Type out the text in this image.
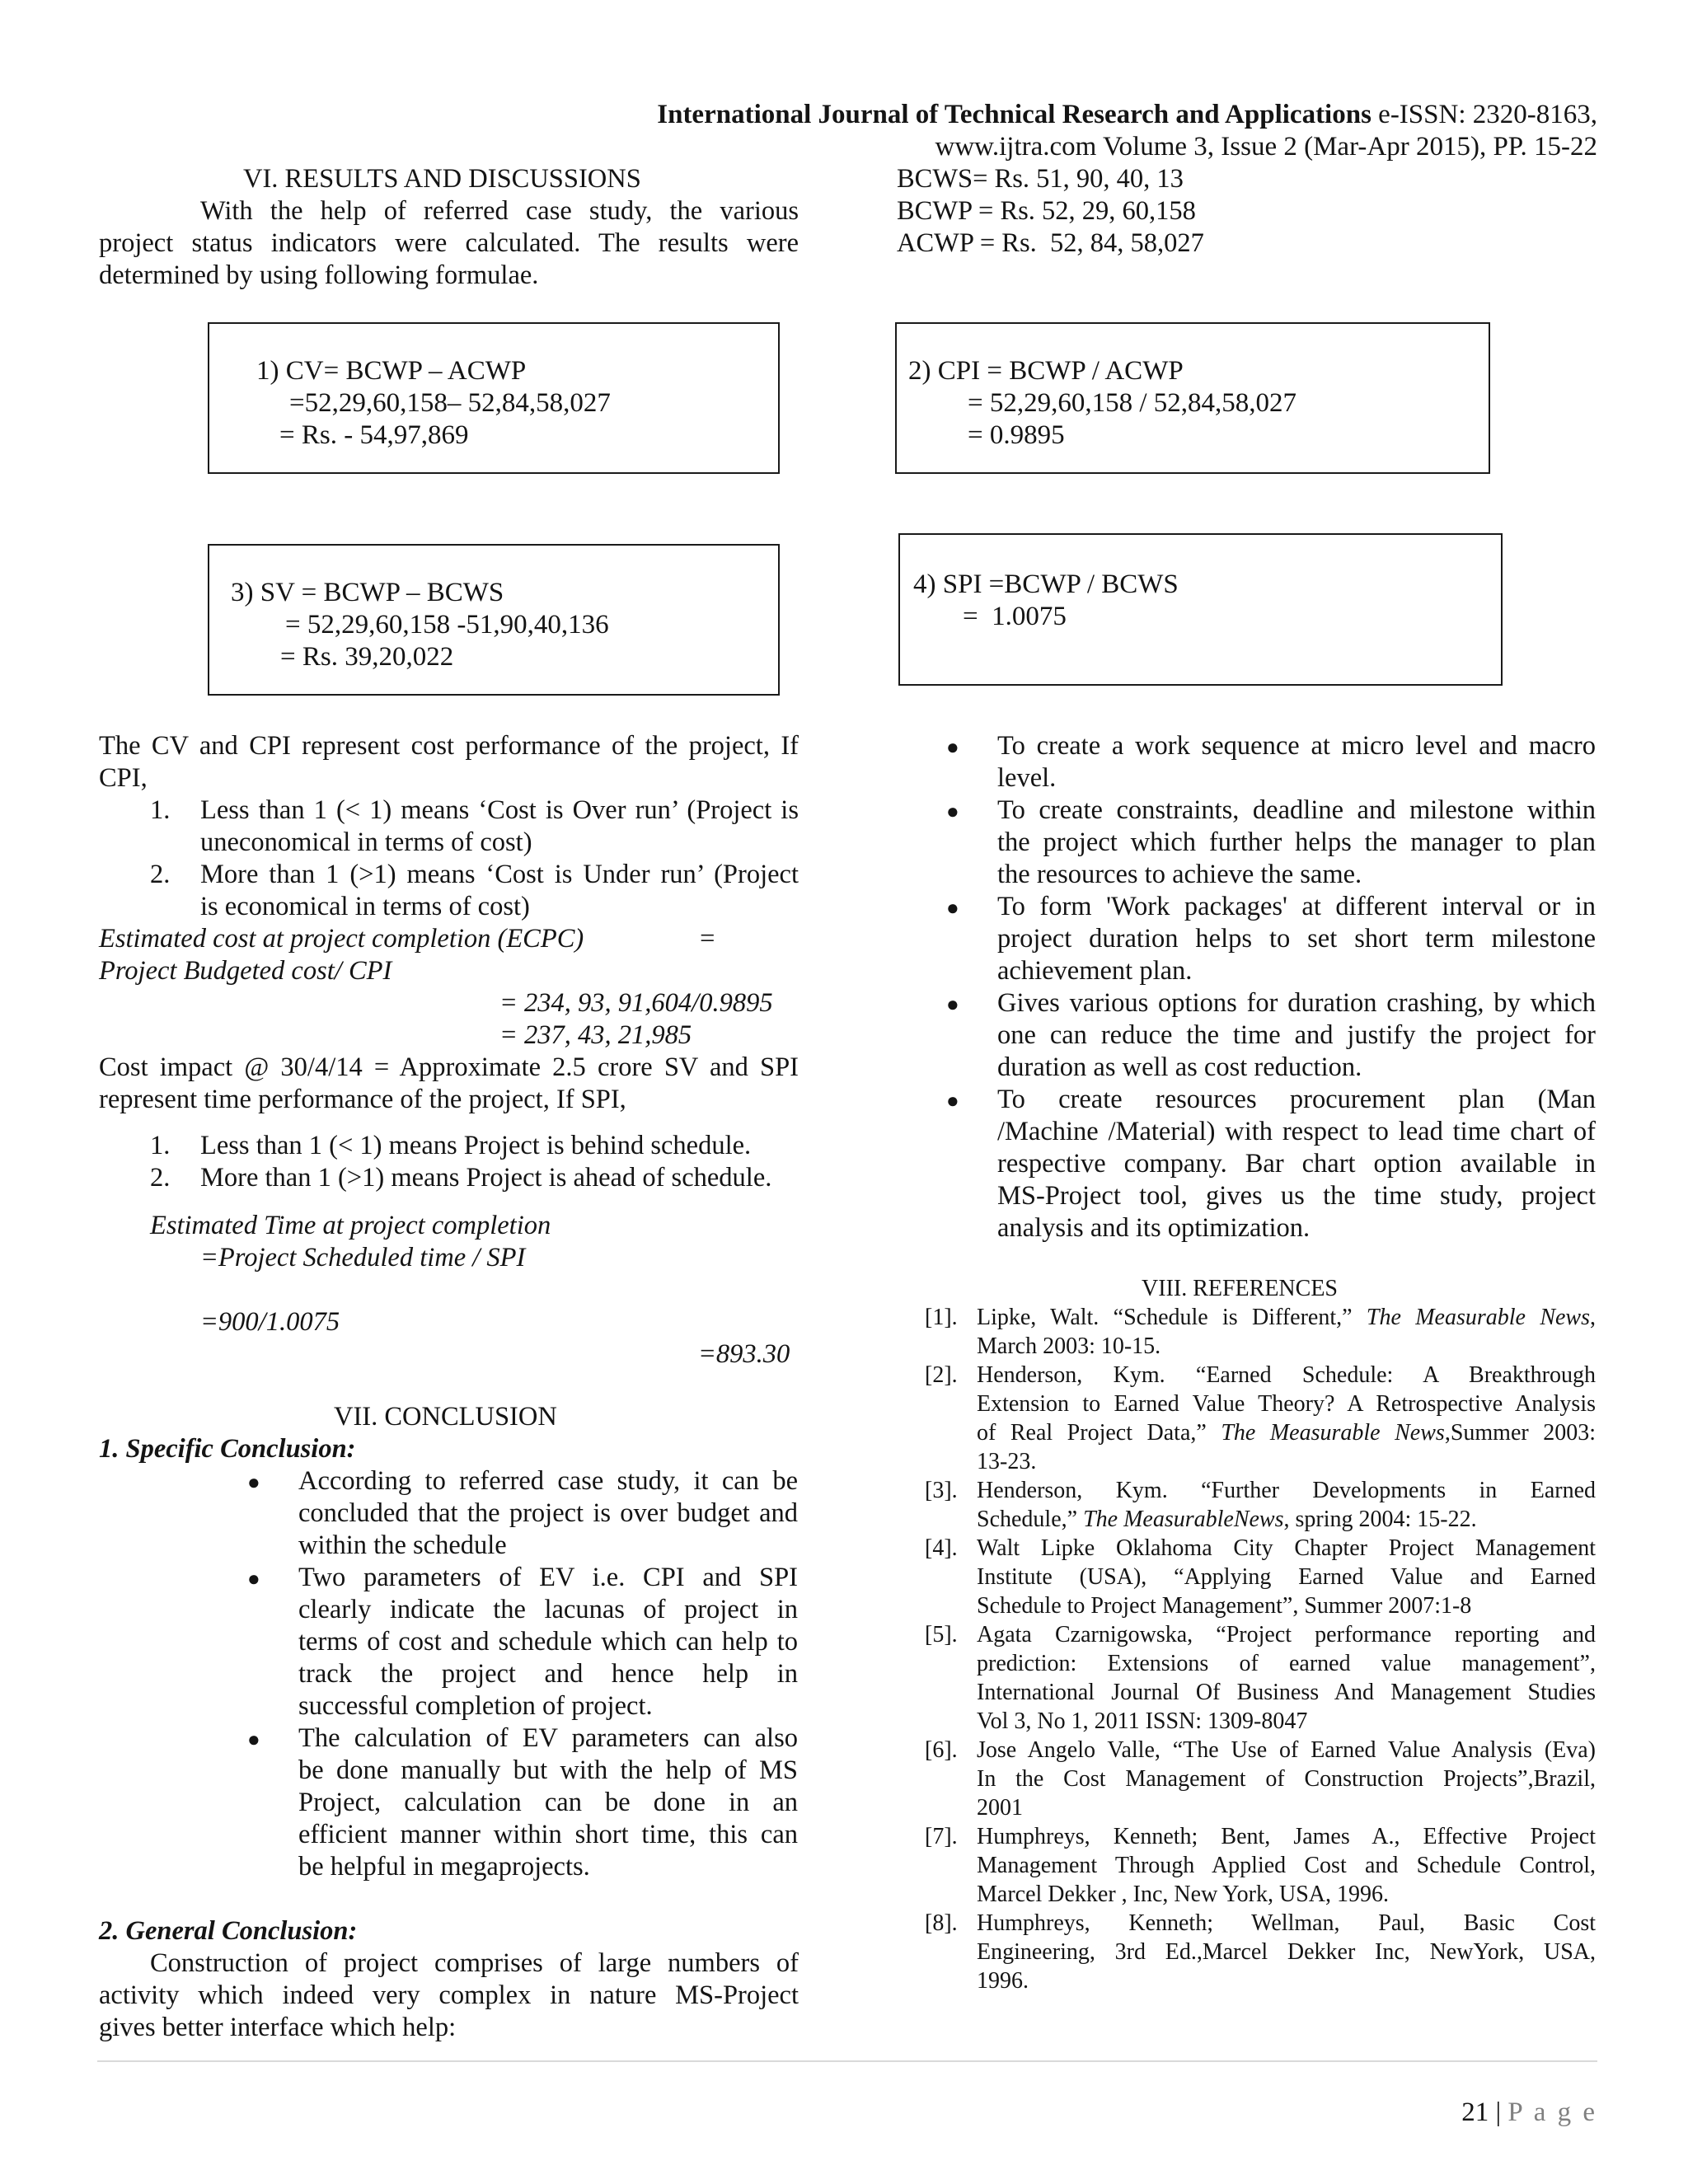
International Journal of Technical Research and Applications e-ISSN: 2320-8163,
www.ijtra.com Volume 3, Issue 2 (Mar-Apr 2015), PP. 15-22
VI. RESULTS AND DISCUSSIONS
With the help of referred case study, the various
project status indicators were calculated. The results were
determined by using following formulae.
BCWS= Rs. 51, 90, 40, 13
BCWP = Rs. 52, 29, 60,158
ACWP = Rs.  52, 84, 58,027
1) CV= BCWP – ACWP
=52,29,60,158– 52,84,58,027
= Rs. - 54,97,869
2) CPI = BCWP / ACWP
= 52,29,60,158 / 52,84,58,027
= 0.9895
3) SV = BCWP – BCWS
= 52,29,60,158 -51,90,40,136
= Rs. 39,20,022
4) SPI =BCWP / BCWS
=  1.0075
The CV and CPI represent cost performance of the project, If
CPI,
1. Less than 1 (< 1) means ‘Cost is Over run’ (Project is
uneconomical in terms of cost)
2. More than 1 (>1) means ‘Cost is Under run’ (Project
is economical in terms of cost)
Estimated cost at project completion (ECPC)	=
Project Budgeted cost/ CPI
= 234, 93, 91,604/0.9895
= 237, 43, 21,985
Cost impact @ 30/4/14 = Approximate 2.5 crore SV and SPI
represent time performance of the project, If SPI,
1. Less than 1 (< 1) means Project is behind schedule.
2. More than 1 (>1) means Project is ahead of schedule.
Estimated Time at project completion
=Project Scheduled time / SPI
=900/1.0075
=893.30
VII. CONCLUSION
1. Specific Conclusion:
● According to referred case study, it can be
concluded that the project is over budget and
within the schedule
● Two parameters of EV i.e. CPI and SPI
clearly indicate the lacunas of project in
terms of cost and schedule which can help to
track the project and hence help in
successful completion of project.
● The calculation of EV parameters can also
be done manually but with the help of MS
Project, calculation can be done in an
efficient manner within short time, this can
be helpful in megaprojects.
2. General Conclusion:
Construction of project comprises of large numbers of
activity which indeed very complex in nature MS-Project
gives better interface which help:
● To create a work sequence at micro level and macro
level.
● To create constraints, deadline and milestone within
the project which further helps the manager to plan
the resources to achieve the same.
● To form 'Work packages' at different interval or in
project duration helps to set short term milestone
achievement plan.
● Gives various options for duration crashing, by which
one can reduce the time and justify the project for
duration as well as cost reduction.
● To create resources procurement plan (Man
/Machine /Material) with respect to lead time chart of
respective company. Bar chart option available in
MS-Project tool, gives us the time study, project
analysis and its optimization.
VIII. REFERENCES
[1]. Lipke, Walt. “Schedule is Different,” The Measurable News,
March 2003: 10-15.
[2]. Henderson, Kym. “Earned Schedule: A Breakthrough
Extension to Earned Value Theory? A Retrospective Analysis
of Real Project Data,” The Measurable News,Summer 2003:
13-23.
[3]. Henderson, Kym. “Further Developments in Earned
Schedule,” The MeasurableNews, spring 2004: 15-22.
[4]. Walt Lipke Oklahoma City Chapter Project Management
Institute (USA), “Applying Earned Value and Earned
Schedule to Project Management”, Summer 2007:1-8
[5]. Agata Czarnigowska, “Project performance reporting and
prediction: Extensions of earned value management”,
International Journal Of Business And Management Studies
Vol 3, No 1, 2011 ISSN: 1309-8047
[6]. Jose Angelo Valle, “The Use of Earned Value Analysis (Eva)
In the Cost Management of Construction Projects”,Brazil,
2001
[7]. Humphreys, Kenneth; Bent, James A., Effective Project
Management Through Applied Cost and Schedule Control,
Marcel Dekker , Inc, New York, USA, 1996.
[8]. Humphreys, Kenneth; Wellman, Paul, Basic Cost
Engineering, 3rd Ed.,Marcel Dekker Inc, NewYork, USA,
1996.

21 | P a g e
